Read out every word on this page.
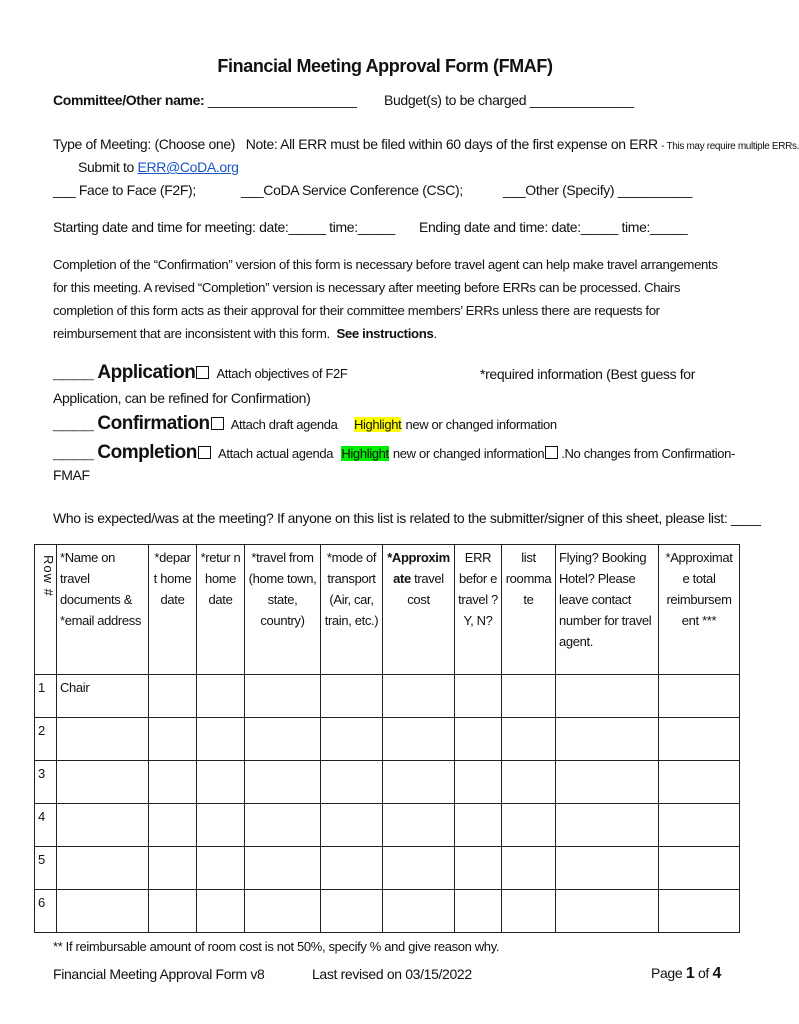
Financial Meeting Approval Form (FMAF)
Committee/Other name: ____________________ Budget(s) to be charged ______________
Type of Meeting: (Choose one) Note: All ERR must be filed within 60 days of the first expense on ERR - This may require multiple ERRs.
Submit to ERR@CoDA.org
___ Face to Face (F2F);	___CoDA Service Conference (CSC);	___Other (Specify) __________
Starting date and time for meeting: date:_____ time:_____ Ending date and time: date:_____ time:_____
Completion of the “Confirmation” version of this form is necessary before travel agent can help make travel arrangements for this meeting. A revised “Completion” version is necessary after meeting before ERRs can be processed. Chairs completion of this form acts as their approval for their committee members’ ERRs unless there are requests for reimbursement that are inconsistent with this form. See instructions.
____ Application Attach objectives of F2F	*required information (Best guess for
Application, can be refined for Confirmation)
____ Confirmation Attach draft agenda Highlight new or changed information
____ Completion Attach actual agenda Highlight new or changed information .No changes from Confirmation-
FMAF
Who is expected/was at the meeting? If anyone on this list is related to the submitter/signer of this sheet, please list: ____
Row #	*Name on travel documents & *email address	*depar t home date	*retur n home date	*travel from (home town, state, country)	*mode of transport (Air, car, train, etc.)	*Approxim ate travel cost	ERR befor e travel ? Y, N?	list roomma te	Flying? Booking Hotel? Please leave contact number for travel agent.	*Approximat e total reimbursem ent ***
1	Chair									
2										
3										
4										
5										
6										
** If reimbursable amount of room cost is not 50%, specify % and give reason why.
Financial Meeting Approval Form v8	Last revised on 03/15/2022	Page 1 of 4
